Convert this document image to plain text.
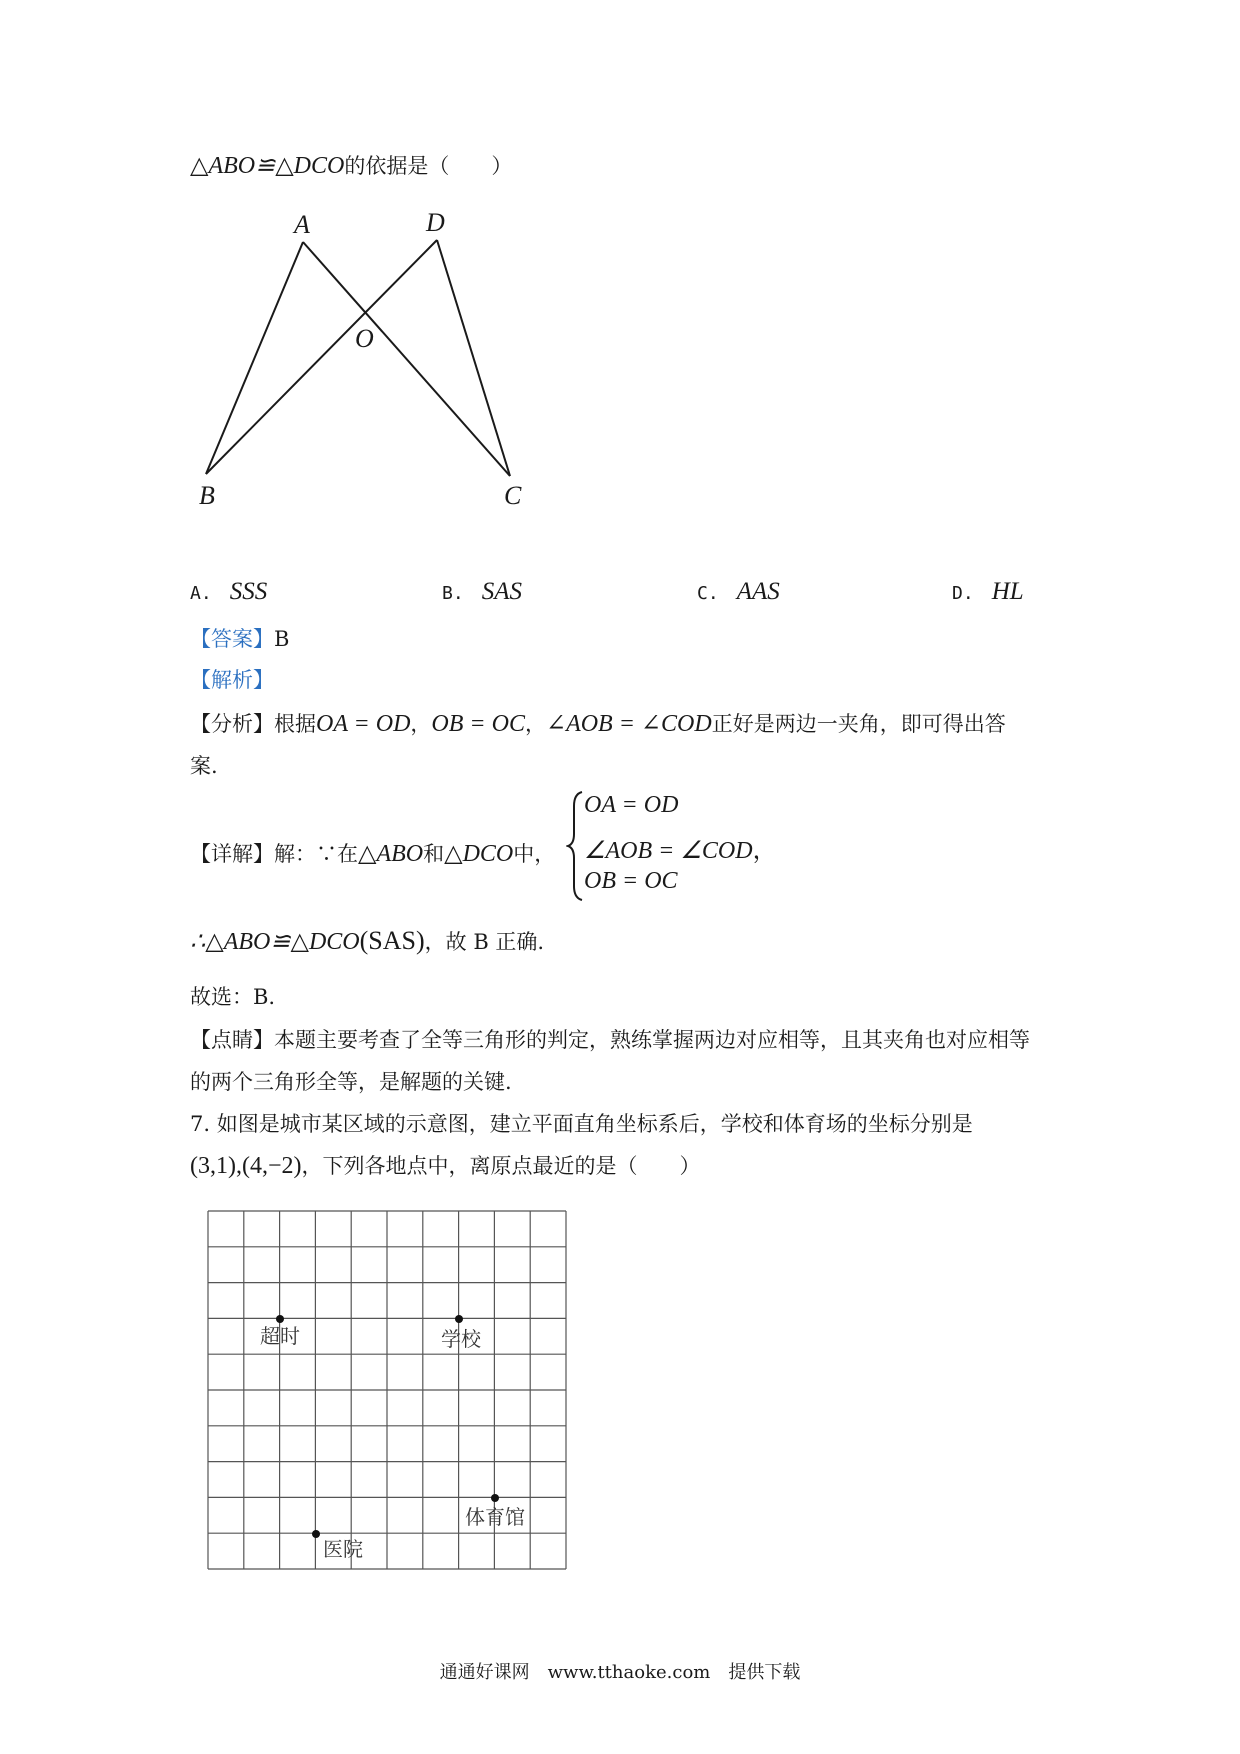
△ABO≌△DCO的依据是（　　）
A	D
O
B	C
A. SSS	B. SAS	C. AAS	D. HL
【答案】B
【解析】
【分析】根据OA = OD，OB = OC，∠AOB = ∠COD正好是两边一夹角，即可得出答
案.
【详解】解：∵在△ABO和△DCO中，
OA = OD
∠AOB = ∠COD，
OB = OC
∴△ABO≌△DCO(SAS)，故 B 正确.
故选：B.
【点睛】本题主要考查了全等三角形的判定，熟练掌握两边对应相等，且其夹角也对应相等
的两个三角形全等，是解题的关键.
7. 如图是城市某区域的示意图，建立平面直角坐标系后，学校和体育场的坐标分别是
(3,1),(4,−2)，下列各地点中，离原点最近的是（　　）
超时	学校
体育馆
医院
通通好课网　www.tthaoke.com　提供下载
